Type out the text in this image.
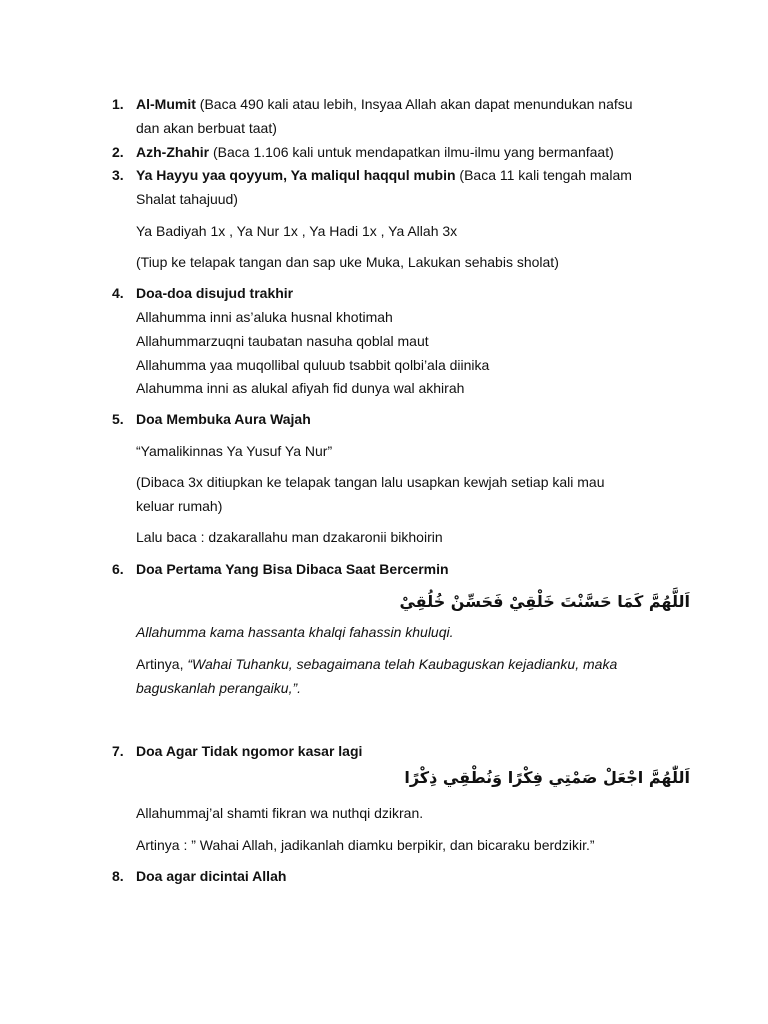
1. Al-Mumit (Baca 490 kali atau lebih, Insyaa Allah akan dapat menundukan nafsu
dan akan berbuat taat)
2. Azh-Zhahir (Baca 1.106 kali untuk mendapatkan ilmu-ilmu yang bermanfaat)
3. Ya Hayyu yaa qoyyum, Ya maliqul haqqul mubin (Baca 11 kali tengah malam
Shalat tahajuud)
Ya Badiyah 1x , Ya Nur 1x , Ya Hadi 1x , Ya Allah 3x
(Tiup ke telapak tangan dan sap uke Muka, Lakukan sehabis sholat)
4. Doa-doa disujud trakhir
Allahumma inni as’aluka husnal khotimah
Allahummarzuqni taubatan nasuha qoblal maut
Allahumma yaa muqollibal quluub tsabbit qolbi’ala diinika
Alahumma inni as alukal afiyah fid dunya wal akhirah
5. Doa Membuka Aura Wajah
“Yamalikinnas Ya Yusuf Ya Nur”
(Dibaca 3x ditiupkan ke telapak tangan lalu usapkan kewjah setiap kali mau
keluar rumah)
Lalu baca : dzakarallahu man dzakaronii bikhoirin
6. Doa Pertama Yang Bisa Dibaca Saat Bercermin
اَللَّهُمَّ كَمَا حَسَّنْتَ خَلْقِيْ فَحَسِّنْ خُلُقِيْ
Allahumma kama hassanta khalqi fahassin khuluqi.
Artinya, “Wahai Tuhanku, sebagaimana telah Kaubaguskan kejadianku, maka
baguskanlah perangaiku,”.
7. Doa Agar Tidak ngomor kasar lagi
اَللّٰهُمَّ اجْعَلْ صَمْتِي فِكْرًا وَنُطْقِي ذِكْرًا
Allahummaj’al shamti fikran wa nuthqi dzikran.
Artinya : ” Wahai Allah, jadikanlah diamku berpikir, dan bicaraku berdzikir.”
8. Doa agar dicintai Allah
